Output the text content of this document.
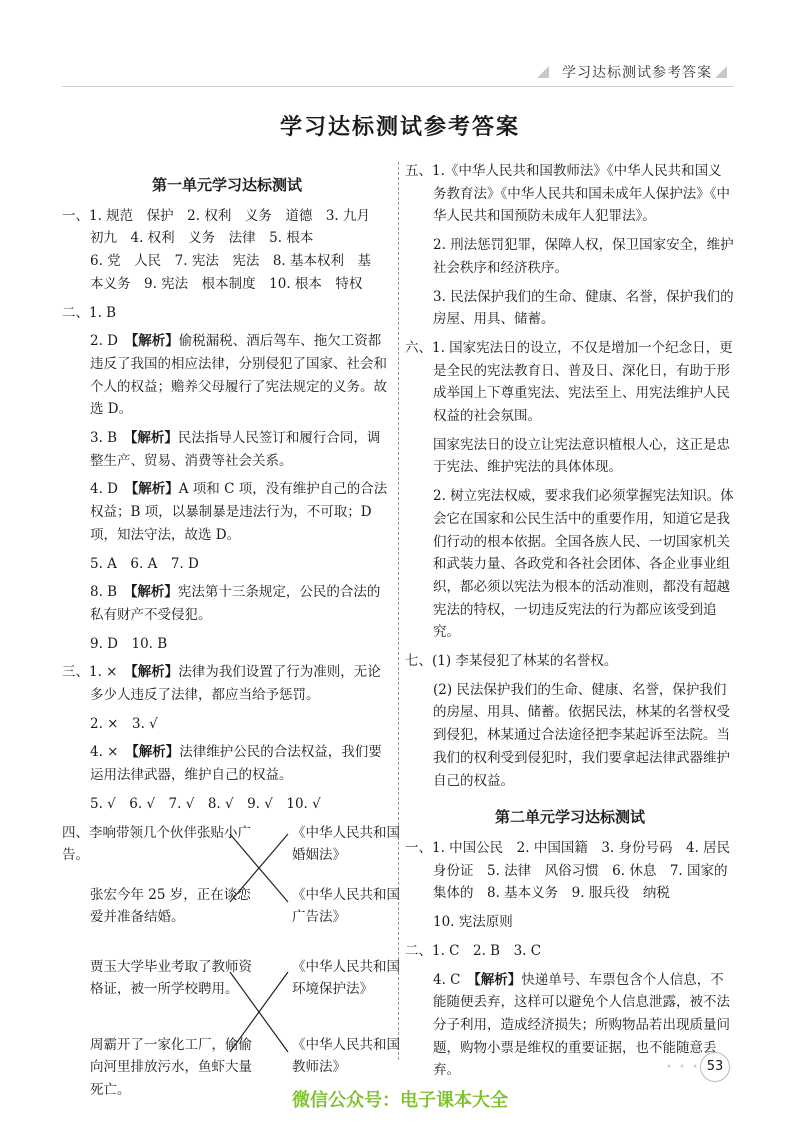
学习达标测试参考答案
学习达标测试参考答案
第一单元学习达标测试
一、1. 规范　保护　2. 权利　义务　道德　3. 九月
初九　4. 权利　义务　法律　5. 根本
6. 党　人民　7. 宪法　宪法　8. 基本权利　基
本义务　9. 宪法　根本制度　10. 根本　特权
二、1. B
2. D　【解析】偷税漏税、酒后驾车、拖欠工资都违反了我国的相应法律，分别侵犯了国家、社会和个人的权益；赡养父母履行了宪法规定的义务。故选 D。
3. B　【解析】民法指导人民签订和履行合同，调整生产、贸易、消费等社会关系。
4. D　【解析】A 项和 C 项，没有维护自己的合法权益；B 项，以暴制暴是违法行为，不可取；D 项，知法守法，故选 D。
5. A　6. A　7. D
8. B　【解析】宪法第十三条规定，公民的合法的私有财产不受侵犯。
9. D　10. B
三、1. ×　【解析】法律为我们设置了行为准则，无论多少人违反了法律，都应当给予惩罚。
2. ×　3. √
4. ×　【解析】法律维护公民的合法权益，我们要运用法律武器，维护自己的权益。
5. √　6. √　7. √　8. √　9. √　10. √
四、李响带领几个伙伴张贴小广告。
张宏今年 25 岁，正在谈恋爱并准备结婚。
贾玉大学毕业考取了教师资格证，被一所学校聘用。
周霸开了一家化工厂，偷偷向河里排放污水，鱼虾大量死亡。
《中华人民共和国婚姻法》
《中华人民共和国广告法》
《中华人民共和国环境保护法》
《中华人民共和国教师法》
五、1.《中华人民共和国教师法》《中华人民共和国义务教育法》《中华人民共和国未成年人保护法》《中华人民共和国预防未成年人犯罪法》。
2. 刑法惩罚犯罪，保障人权，保卫国家安全，维护社会秩序和经济秩序。
3. 民法保护我们的生命、健康、名誉，保护我们的房屋、用具、储蓄。
六、1. 国家宪法日的设立，不仅是增加一个纪念日，更是全民的宪法教育日、普及日、深化日，有助于形成举国上下尊重宪法、宪法至上、用宪法维护人民权益的社会氛围。
国家宪法日的设立让宪法意识植根人心，这正是忠于宪法、维护宪法的具体体现。
2. 树立宪法权威，要求我们必须掌握宪法知识。体会它在国家和公民生活中的重要作用，知道它是我们行动的根本依据。全国各族人民、一切国家机关和武装力量、各政党和各社会团体、各企业事业组织，都必须以宪法为根本的活动准则，都没有超越宪法的特权，一切违反宪法的行为都应该受到追究。
七、(1) 李某侵犯了林某的名誉权。
(2) 民法保护我们的生命、健康、名誉，保护我们的房屋、用具、储蓄。依据民法，林某的名誉权受到侵犯，林某通过合法途径把李某起诉至法院。当我们的权利受到侵犯时，我们要拿起法律武器维护自己的权益。
第二单元学习达标测试
一、1. 中国公民　2. 中国国籍　3. 身份号码　4. 居民身份证　5. 法律　风俗习惯　6. 休息　7. 国家的　集体的　8. 基本义务　9. 服兵役　纳税
10. 宪法原则
二、1. C　2. B　3. C
4. C　【解析】快递单号、车票包含个人信息，不能随便丢弃，这样可以避免个人信息泄露，被不法分子利用，造成经济损失；所购物品若出现质量问题，购物小票是维权的重要证据，也不能随意丢弃。	• • • 53
微信公众号：电子课本大全
